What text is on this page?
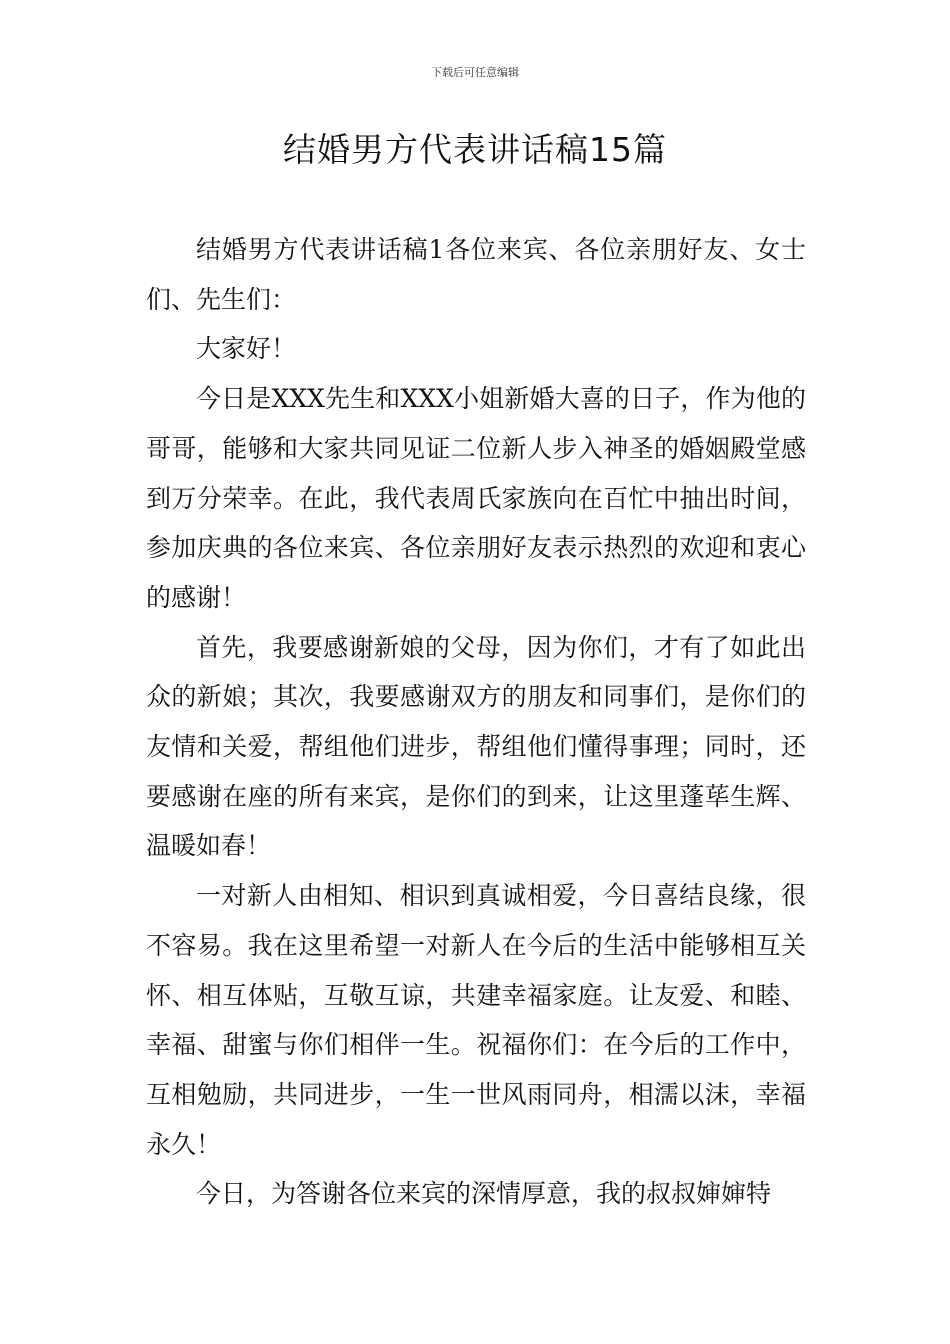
下载后可任意编辑
结婚男方代表讲话稿15篇

结婚男方代表讲话稿1各位来宾、各位亲朋好友、女士们、先生们：

大家好！

今日是XXX先生和XXX小姐新婚大喜的日子，作为他的哥哥，能够和大家共同见证二位新人步入神圣的婚姻殿堂感到万分荣幸。在此，我代表周氏家族向在百忙中抽出时间，参加庆典的各位来宾、各位亲朋好友表示热烈的欢迎和衷心的感谢！

首先，我要感谢新娘的父母，因为你们，才有了如此出众的新娘；其次，我要感谢双方的朋友和同事们，是你们的友情和关爱，帮组他们进步，帮组他们懂得事理；同时，还要感谢在座的所有来宾，是你们的到来，让这里蓬荜生辉、温暖如春！

一对新人由相知、相识到真诚相爱，今日喜结良缘，很不容易。我在这里希望一对新人在今后的生活中能够相互关怀、相互体贴，互敬互谅，共建幸福家庭。让友爱、和睦、幸福、甜蜜与你们相伴一生。祝福你们：在今后的工作中，互相勉励，共同进步，一生一世风雨同舟，相濡以沫，幸福永久！

今日，为答谢各位来宾的深情厚意，我的叔叔婶婶特
